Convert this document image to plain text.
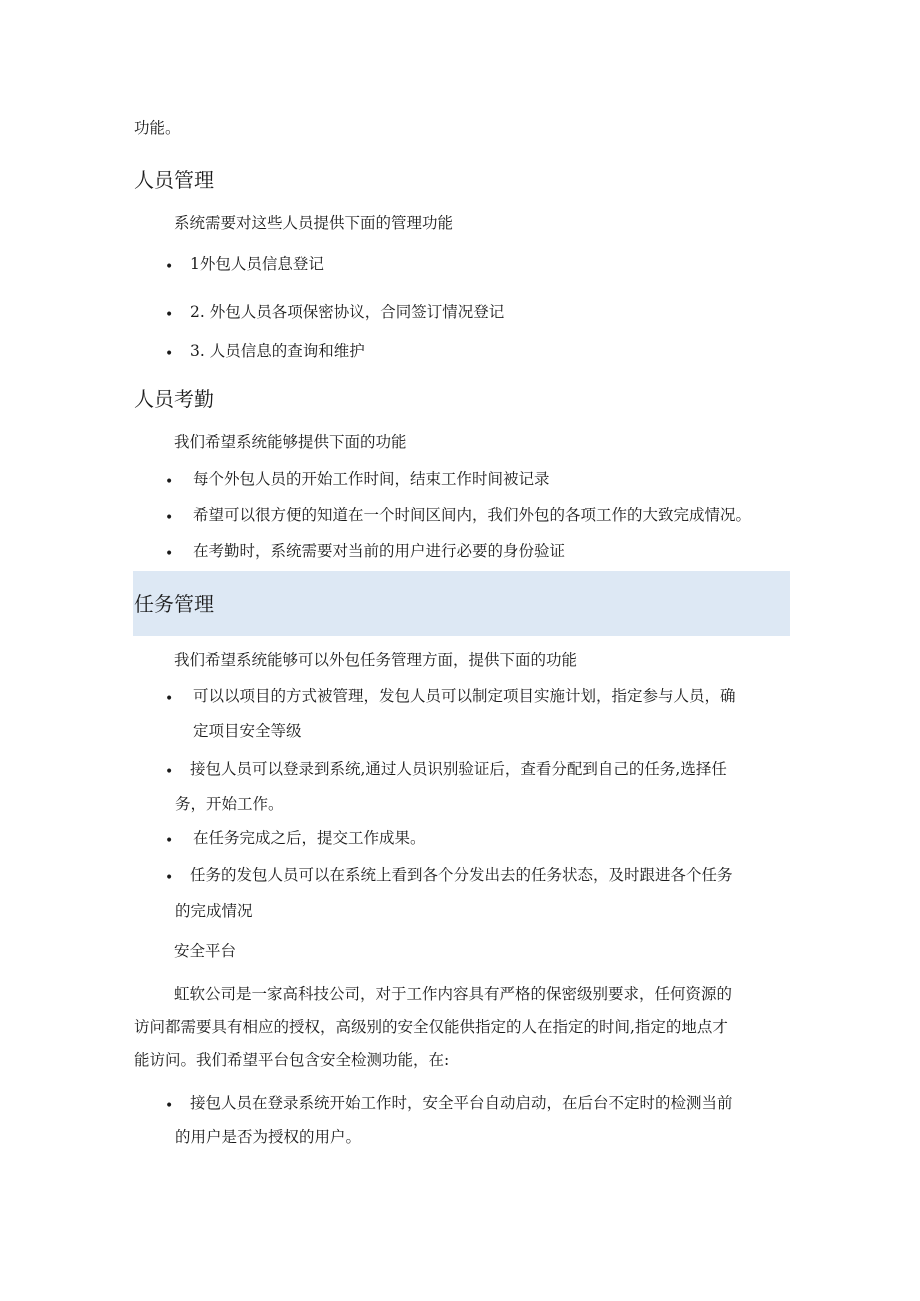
功能。
人员管理
系统需要对这些人员提供下面的管理功能
• 1外包人员信息登记
• 2. 外包人员各项保密协议，合同签订情况登记
• 3. 人员信息的查询和维护
人员考勤
我们希望系统能够提供下面的功能
• 每个外包人员的开始工作时间，结束工作时间被记录
• 希望可以很方便的知道在一个时间区间内，我们外包的各项工作的大致完成情况。
• 在考勤时，系统需要对当前的用户进行必要的身份验证
任务管理
我们希望系统能够可以外包任务管理方面，提供下面的功能
• 可以以项目的方式被管理，发包人员可以制定项目实施计划，指定参与人员，确
定项目安全等级
• 接包人员可以登录到系统,通过人员识别验证后，查看分配到自己的任务,选择任
务，开始工作。
• 在任务完成之后，提交工作成果。
• 任务的发包人员可以在系统上看到各个分发出去的任务状态，及时跟进各个任务
的完成情况
安全平台
虹软公司是一家高科技公司，对于工作内容具有严格的保密级别要求，任何资源的
访问都需要具有相应的授权，高级别的安全仅能供指定的人在指定的时间,指定的地点才
能访问。我们希望平台包含安全检测功能，在:
• 接包人员在登录系统开始工作时，安全平台自动启动，在后台不定时的检测当前
的用户是否为授权的用户。
